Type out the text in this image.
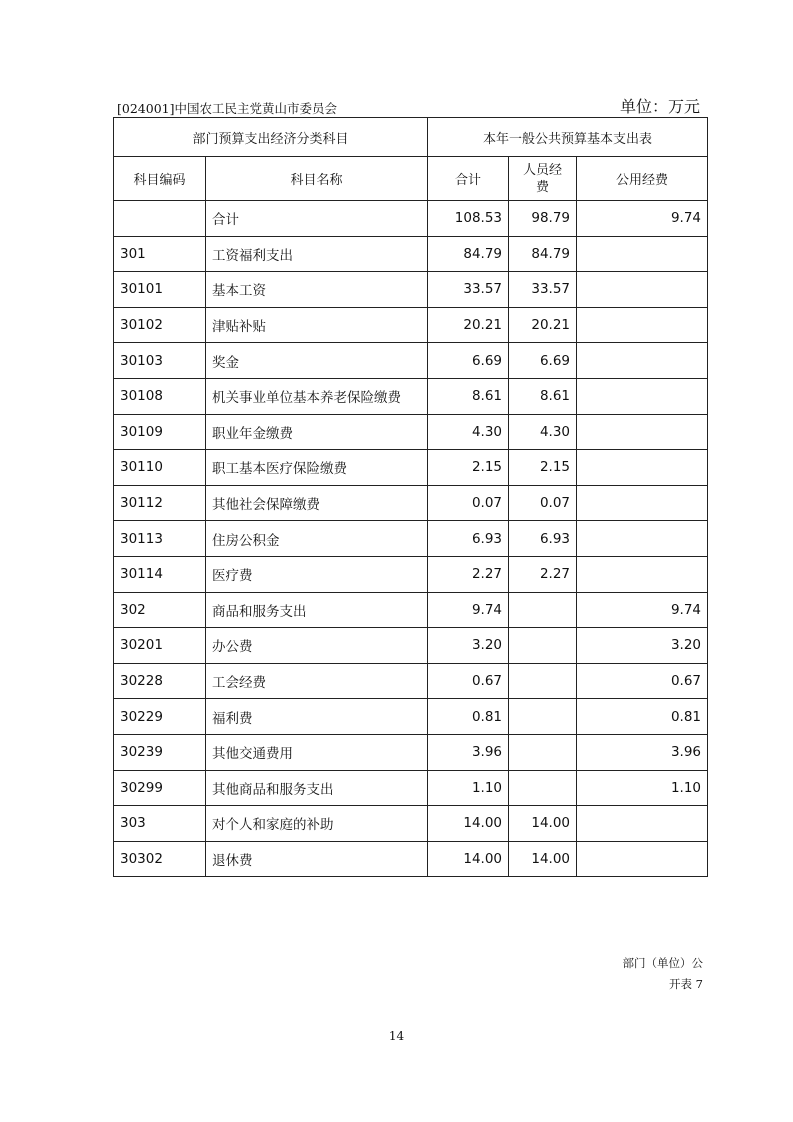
[024001]中国农工民主党黄山市委员会	单位：万元
部门预算支出经济分类科目		本年一般公共预算基本支出表		
科目编码	科目名称	合计	人员经费	公用经费
	合计	108.53	98.79	9.74
301	工资福利支出	84.79	84.79	
30101	基本工资	33.57	33.57	
30102	津贴补贴	20.21	20.21	
30103	奖金	6.69	6.69	
30108	机关事业单位基本养老保险缴费	8.61	8.61	
30109	职业年金缴费	4.30	4.30	
30110	职工基本医疗保险缴费	2.15	2.15	
30112	其他社会保障缴费	0.07	0.07	
30113	住房公积金	6.93	6.93	
30114	医疗费	2.27	2.27	
302	商品和服务支出	9.74		9.74
30201	办公费	3.20		3.20
30228	工会经费	0.67		0.67
30229	福利费	0.81		0.81
30239	其他交通费用	3.96		3.96
30299	其他商品和服务支出	1.10		1.10
303	对个人和家庭的补助	14.00	14.00	
30302	退休费	14.00	14.00	
部门（单位）公
开表 7
14
